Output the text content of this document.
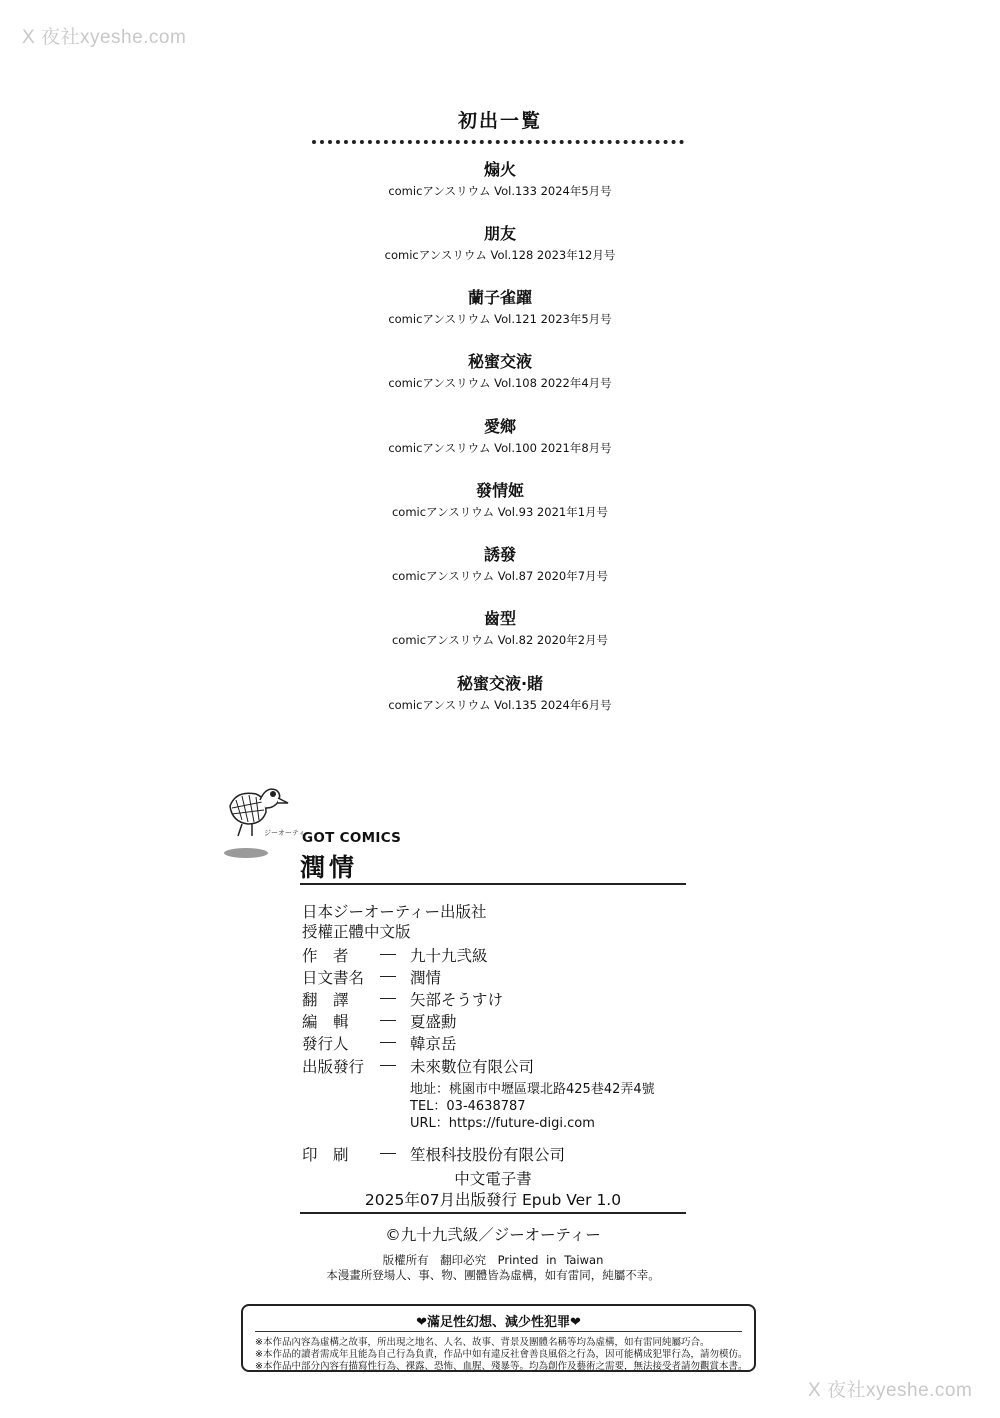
X 夜社xyeshe.com
初出一覧
煽火
comicアンスリウム Vol.133 2024年5月号
朋友
comicアンスリウム Vol.128 2023年12月号
蘭子雀躍
comicアンスリウム Vol.121 2023年5月号
秘蜜交液
comicアンスリウム Vol.108 2022年4月号
愛鄉
comicアンスリウム Vol.100 2021年8月号
發情姬
comicアンスリウム Vol.93 2021年1月号
誘發
comicアンスリウム Vol.87 2020年7月号
齒型
comicアンスリウム Vol.82 2020年2月号
秘蜜交液·賭
comicアンスリウム Vol.135 2024年6月号
ジーオーティー
GOT COMICS
潤情
日本ジーオーティー出版社
授權正體中文版
作　者	九十九弐級
日文書名	潤情
翻　譯	矢部そうすけ
編　輯	夏盛勳
發行人	韓京岳
出版發行	未來數位有限公司
地址：桃園市中壢區環北路425巷42弄4號
TEL：03-4638787
URL：https://future-digi.com
印　刷	笙根科技股份有限公司
中文電子書
2025年07月出版發行 Epub Ver 1.0
©九十九弐級／ジーオーティー
版權所有　翻印必究　Printed in Taiwan
本漫畫所登場人、事、物、團體皆為虛構，如有雷同，純屬不幸。
❤滿足性幻想、減少性犯罪❤
※本作品內容為虛構之故事，所出現之地名、人名、故事、背景及團體名稱等均為虛構，如有雷同純屬巧合。
※本作品的讀者需成年且能為自己行為負責，作品中如有違反社會善良風俗之行為，因可能構成犯罪行為，請勿模仿。
※本作品中部分內容有描寫性行為、裸露、恐怖、血腥、殘暴等。均為創作及藝術之需要，無法接受者請勿觀賞本書。
X 夜社xyeshe.com
